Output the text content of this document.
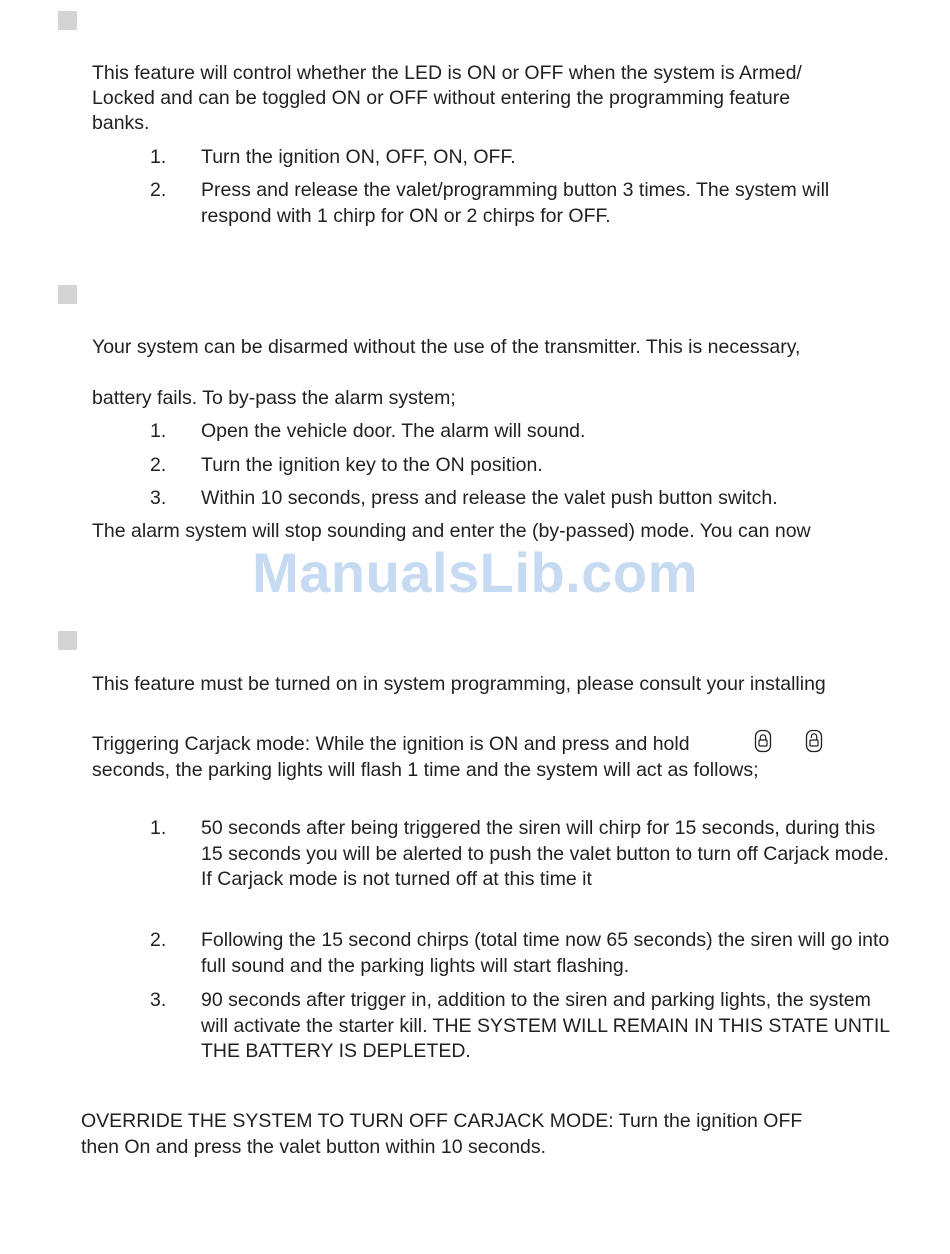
This feature will control whether the LED is ON or OFF when the system is Armed/

Locked and can be toggled ON or OFF without entering the programming feature

banks.

1. Turn the ignition ON, OFF, ON, OFF.
2. Press and release the valet/programming button 3 times. The system will respond with 1 chirp for ON or 2 chirps for OFF.

Your system can be disarmed without the use of the transmitter. This is necessary,

battery fails. To by-pass the alarm system;

1. Open the vehicle door. The alarm will sound.
2. Turn the ignition key to the ON position.
3. Within 10 seconds, press and release the valet push button switch.

The alarm system will stop sounding and enter the (by-passed) mode. You can now

ManualsLib.com

This feature must be turned on in system programming, please consult your installing

Triggering Carjack mode: While the ignition is ON and press and hold

seconds, the parking lights will flash 1 time and the system will act as follows;

1. 50 seconds after being triggered the siren will chirp for 15 seconds, during this 15 seconds you will be alerted to push the valet button to turn off Carjack mode. If Carjack mode is not turned off at this time it
2. Following the 15 second chirps (total time now 65 seconds) the siren will go into full sound and the parking lights will start flashing.
3. 90 seconds after trigger in, addition to the siren and parking lights, the system will activate the starter kill. THE SYSTEM WILL REMAIN IN THIS STATE UNTIL THE BATTERY IS DEPLETED.

OVERRIDE THE SYSTEM TO TURN OFF CARJACK MODE: Turn the ignition OFF

then On and press the valet button within 10 seconds.
